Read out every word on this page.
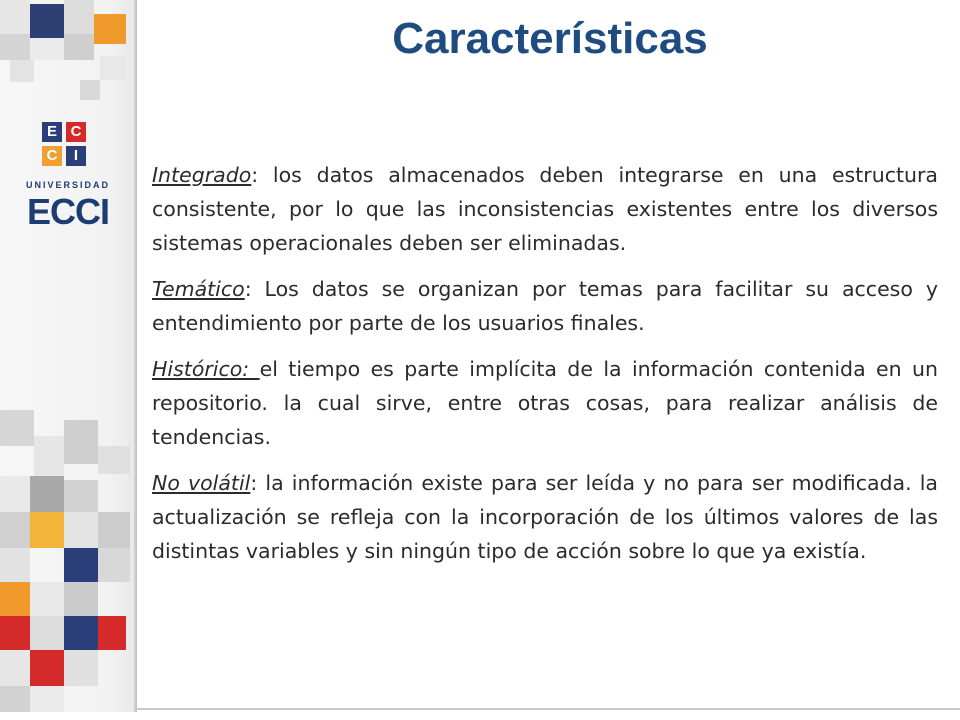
E C
C	I
UNIVERSIDAD
ECCI
Características

Integrado: los datos almacenados deben integrarse en una estructura consistente, por lo que las inconsistencias existentes entre los diversos sistemas operacionales deben ser eliminadas.

Temático: Los datos se organizan por temas para facilitar su acceso y entendimiento por parte de los usuarios finales.

Histórico: el tiempo es parte implícita de la información contenida en un repositorio. la cual sirve, entre otras cosas, para realizar análisis de tendencias.

No volátil: la información existe para ser leída y no para ser modificada. la actualización se refleja con la incorporación de los últimos valores de las distintas variables y sin ningún tipo de acción sobre lo que ya existía.
